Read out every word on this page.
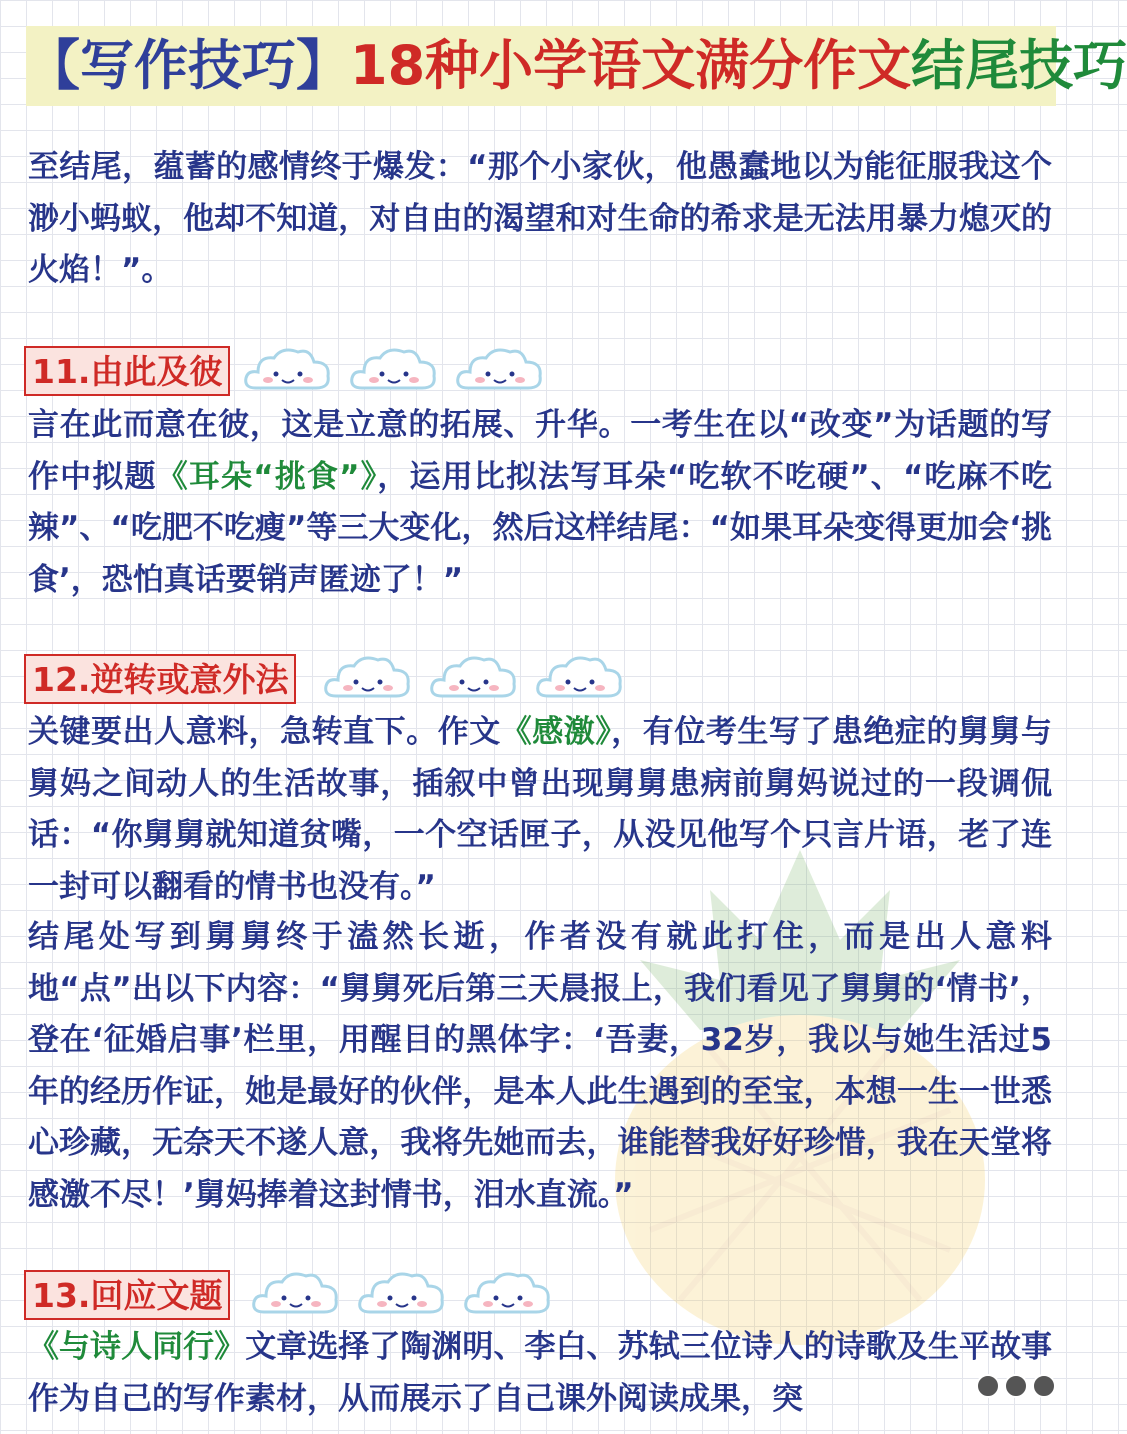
【写作技巧】 18种小学语文满分作文 结尾技巧
至结尾，蕴蓄的感情终于爆发：“那个小家伙，他愚蠢地以为能征服我这个渺小蚂蚁，他却不知道，对自由的渴望和对生命的希求是无法用暴力熄灭的火焰！”。
11.由此及彼
言在此而意在彼，这是立意的拓展、升华。一考生在以“改变”为话题的写作中拟题《耳朵“挑食”》，运用比拟法写耳朵“吃软不吃硬”、“吃麻不吃辣”、“吃肥不吃瘦”等三大变化，然后这样结尾：“如果耳朵变得更加会‘挑食’，恐怕真话要销声匿迹了！”
12.逆转或意外法
关键要出人意料，急转直下。作文《感激》，有位考生写了患绝症的舅舅与舅妈之间动人的生活故事，插叙中曾出现舅舅患病前舅妈说过的一段调侃话：“你舅舅就知道贫嘴，一个空话匣子，从没见他写个只言片语，老了连一封可以翻看的情书也没有。”
结尾处写到舅舅终于溘然长逝，作者没有就此打住，而是出人意料地“点”出以下内容：“舅舅死后第三天晨报上，我们看见了舅舅的‘情书’，登在‘征婚启事’栏里，用醒目的黑体字：‘吾妻，32岁，我以与她生活过5年的经历作证，她是最好的伙伴，是本人此生遇到的至宝，本想一生一世悉心珍藏，无奈天不遂人意，我将先她而去，谁能替我好好珍惜，我在天堂将感激不尽！’舅妈捧着这封情书，泪水直流。”
13.回应文题
《与诗人同行》文章选择了陶渊明、李白、苏轼三位诗人的诗歌及生平故事作为自己的写作素材，从而展示了自己课外阅读成果，突
